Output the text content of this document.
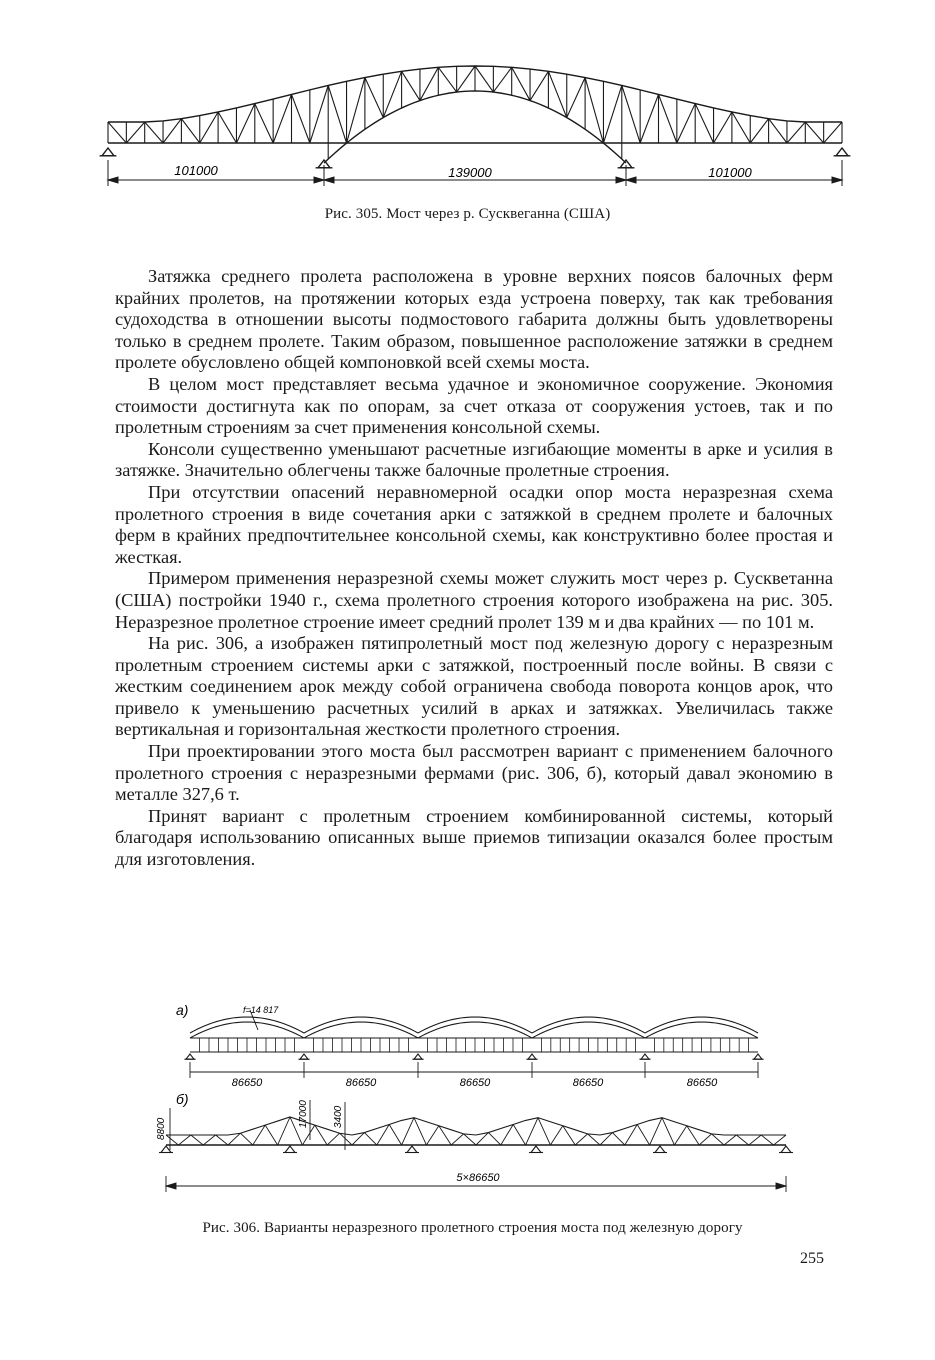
101000	139000	101000
Рис. 305. Мост через р. Сусквеганна (США)

Затяжка среднего пролета расположена в уровне верхних поясов балочных ферм крайних пролетов, на протяжении которых езда устроена поверху, так как требования судоходства в отношении высоты подмостового габарита должны быть удовлетворены только в среднем пролете. Таким образом, повышенное расположение затяжки в среднем пролете обусловлено общей компоновкой всей схемы моста.

В целом мост представляет весьма удачное и экономичное сооружение. Экономия стоимости достигнута как по опорам, за счет отказа от сооружения устоев, так и по пролетным строениям за счет применения консольной схемы.

Консоли существенно уменьшают расчетные изгибающие моменты в арке и усилия в затяжке. Значительно облегчены также балочные пролетные строения.

При отсутствии опасений неравномерной осадки опор моста неразрезная схема пролетного строения в виде сочетания арки с затяжкой в среднем пролете и балочных ферм в крайних предпочтительнее консольной схемы, как конструктивно более простая и жесткая.

Примером применения неразрезной схемы может служить мост через р. Сускветанна (США) постройки 1940 г., схема пролетного строения которого изображена на рис. 305. Неразрезное пролетное строение имеет средний пролет 139 м и два крайних — по 101 м.

На рис. 306, а изображен пятипролетный мост под железную дорогу с неразрезным пролетным строением системы арки с затяжкой, построенный после войны. В связи с жестким соединением арок между собой ограничена свобода поворота концов арок, что привело к уменьшению расчетных усилий в арках и затяжках. Увеличилась также вертикальная и горизонтальная жесткости пролетного строения.

При проектировании этого моста был рассмотрен вариант с применением балочного пролетного строения с неразрезными фермами (рис. 306, б), который давал экономию в металле 327,6 т.

Принят вариант с пролетным строением комбинированной системы, который благодаря использованию описанных выше приемов типизации оказался более простым для изготовления.

а)
б)
f=14 817
86650	86650	86650	86650	86650
5×86650
8800
17000 3400
Рис. 306. Варианты неразрезного пролетного строения моста под железную дорогу
255
